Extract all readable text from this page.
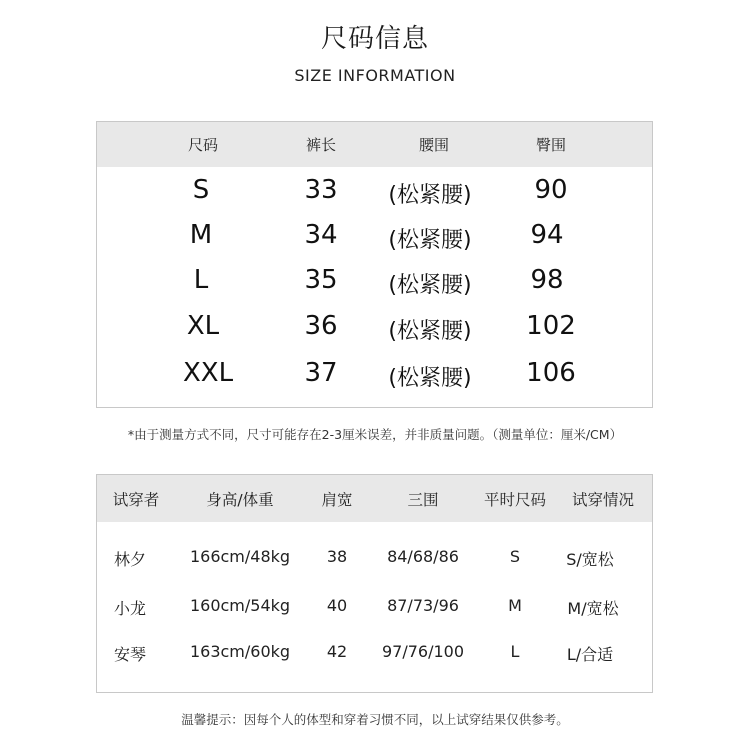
尺码信息
SIZE INFORMATION
尺码	裤长	腰围	臀围
S	33 (松紧腰) 90
M	34 (松紧腰) 94
L	35 (松紧腰) 98
XL	36 (松紧腰) 102
XXL	37 (松紧腰) 106
*由于测量方式不同，尺寸可能存在2-3厘米误差，并非质量问题。（测量单位：厘米/CM）
试穿者	身高/体重	肩宽	三围	平时尺码 试穿情况
林夕	166cm/48kg 38 84/68/86	S	S/宽松
小龙	160cm/54kg 40 87/73/96	M	M/宽松
安琴	163cm/60kg 42 97/76/100	L	L/合适
温馨提示：因每个人的体型和穿着习惯不同，以上试穿结果仅供参考。
